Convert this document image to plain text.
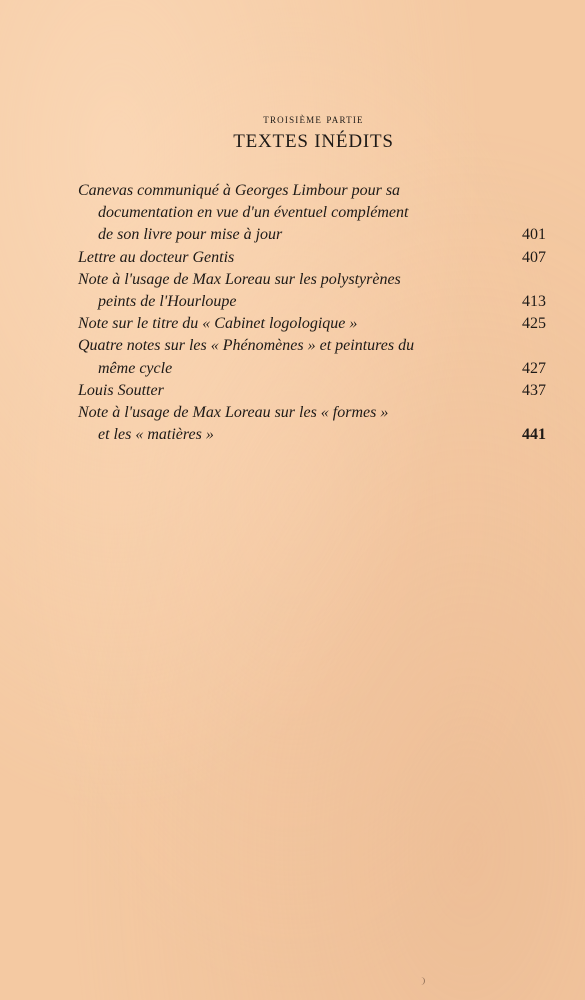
troisième partie
TEXTES INÉDITS
Canevas communiqué à Georges Limbour pour sa
documentation en vue d'un éventuel complément
de son livre pour mise à jour	401
Lettre au docteur Gentis	407
Note à l'usage de Max Loreau sur les polystyrènes
peints de l'Hourloupe	413
Note sur le titre du « Cabinet logologique »	425
Quatre notes sur les « Phénomènes » et peintures du
même cycle	427
Louis Soutter	437
Note à l'usage de Max Loreau sur les « formes »
et les « matières »	441
